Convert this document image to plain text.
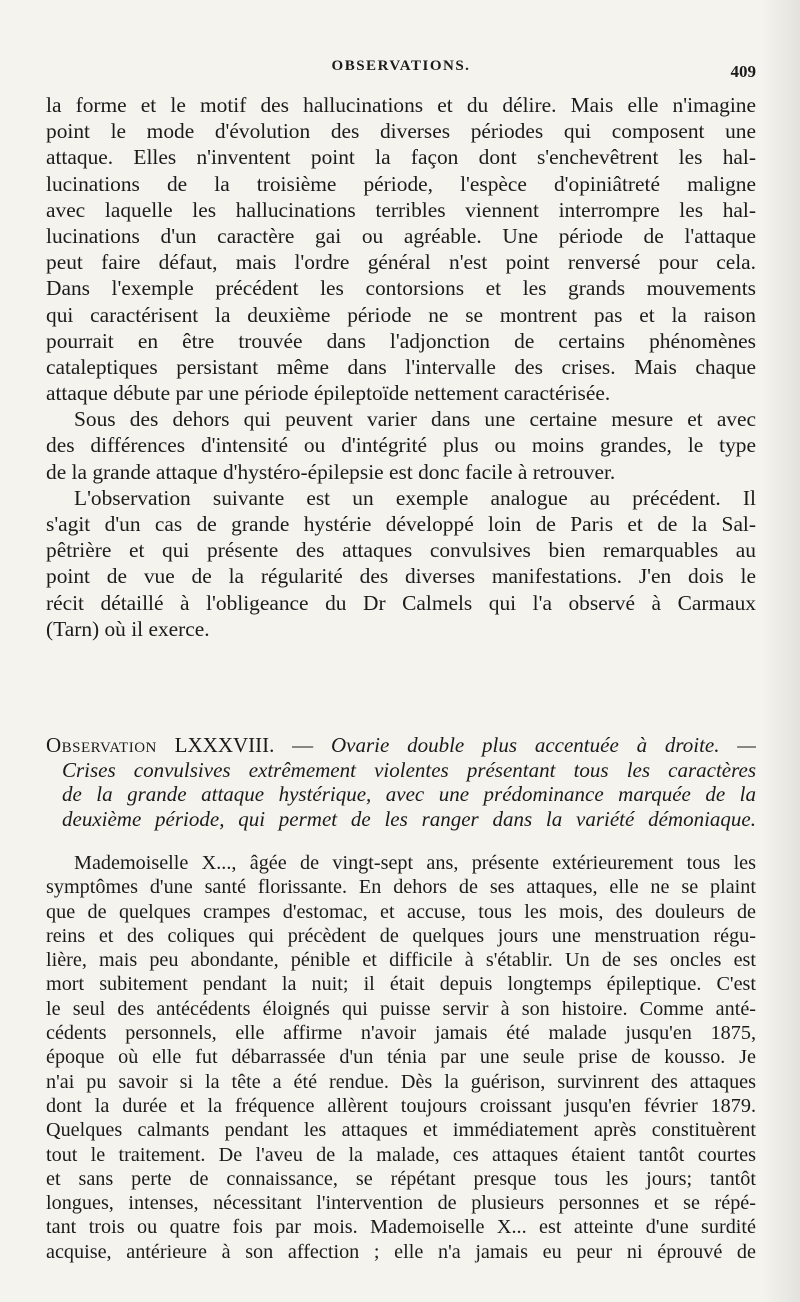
OBSERVATIONS.	409
la forme et le motif des hallucinations et du délire. Mais elle n'imagine
point le mode d'évolution des diverses périodes qui composent une
attaque. Elles n'inventent point la façon dont s'enchevêtrent les hal-
lucinations de la troisième période, l'espèce d'opiniâtreté maligne
avec laquelle les hallucinations terribles viennent interrompre les hal-
lucinations d'un caractère gai ou agréable. Une période de l'attaque
peut faire défaut, mais l'ordre général n'est point renversé pour cela.
Dans l'exemple précédent les contorsions et les grands mouvements
qui caractérisent la deuxième période ne se montrent pas et la raison
pourrait en être trouvée dans l'adjonction de certains phénomènes
cataleptiques persistant même dans l'intervalle des crises. Mais chaque
attaque débute par une période épileptoïde nettement caractérisée.
Sous des dehors qui peuvent varier dans une certaine mesure et avec
des différences d'intensité ou d'intégrité plus ou moins grandes, le type
de la grande attaque d'hystéro-épilepsie est donc facile à retrouver.
L'observation suivante est un exemple analogue au précédent. Il
s'agit d'un cas de grande hystérie développé loin de Paris et de la Sal-
pêtrière et qui présente des attaques convulsives bien remarquables au
point de vue de la régularité des diverses manifestations. J'en dois le
récit détaillé à l'obligeance du Dr Calmels qui l'a observé à Carmaux
(Tarn) où il exerce.
Observation LXXXVIII. — Ovarie double plus accentuée à droite. —
Crises convulsives extrêmement violentes présentant tous les caractères
de la grande attaque hystérique, avec une prédominance marquée de la
deuxième période, qui permet de les ranger dans la variété démoniaque.
Mademoiselle X..., âgée de vingt-sept ans, présente extérieurement tous les
symptômes d'une santé florissante. En dehors de ses attaques, elle ne se plaint
que de quelques crampes d'estomac, et accuse, tous les mois, des douleurs de
reins et des coliques qui précèdent de quelques jours une menstruation régu-
lière, mais peu abondante, pénible et difficile à s'établir. Un de ses oncles est
mort subitement pendant la nuit; il était depuis longtemps épileptique. C'est
le seul des antécédents éloignés qui puisse servir à son histoire. Comme anté-
cédents personnels, elle affirme n'avoir jamais été malade jusqu'en 1875,
époque où elle fut débarrassée d'un ténia par une seule prise de kousso. Je
n'ai pu savoir si la tête a été rendue. Dès la guérison, survinrent des attaques
dont la durée et la fréquence allèrent toujours croissant jusqu'en février 1879.
Quelques calmants pendant les attaques et immédiatement après constituèrent
tout le traitement. De l'aveu de la malade, ces attaques étaient tantôt courtes
et sans perte de connaissance, se répétant presque tous les jours; tantôt
longues, intenses, nécessitant l'intervention de plusieurs personnes et se répé-
tant trois ou quatre fois par mois. Mademoiselle X... est atteinte d'une surdité
acquise, antérieure à son affection ; elle n'a jamais eu peur ni éprouvé de
